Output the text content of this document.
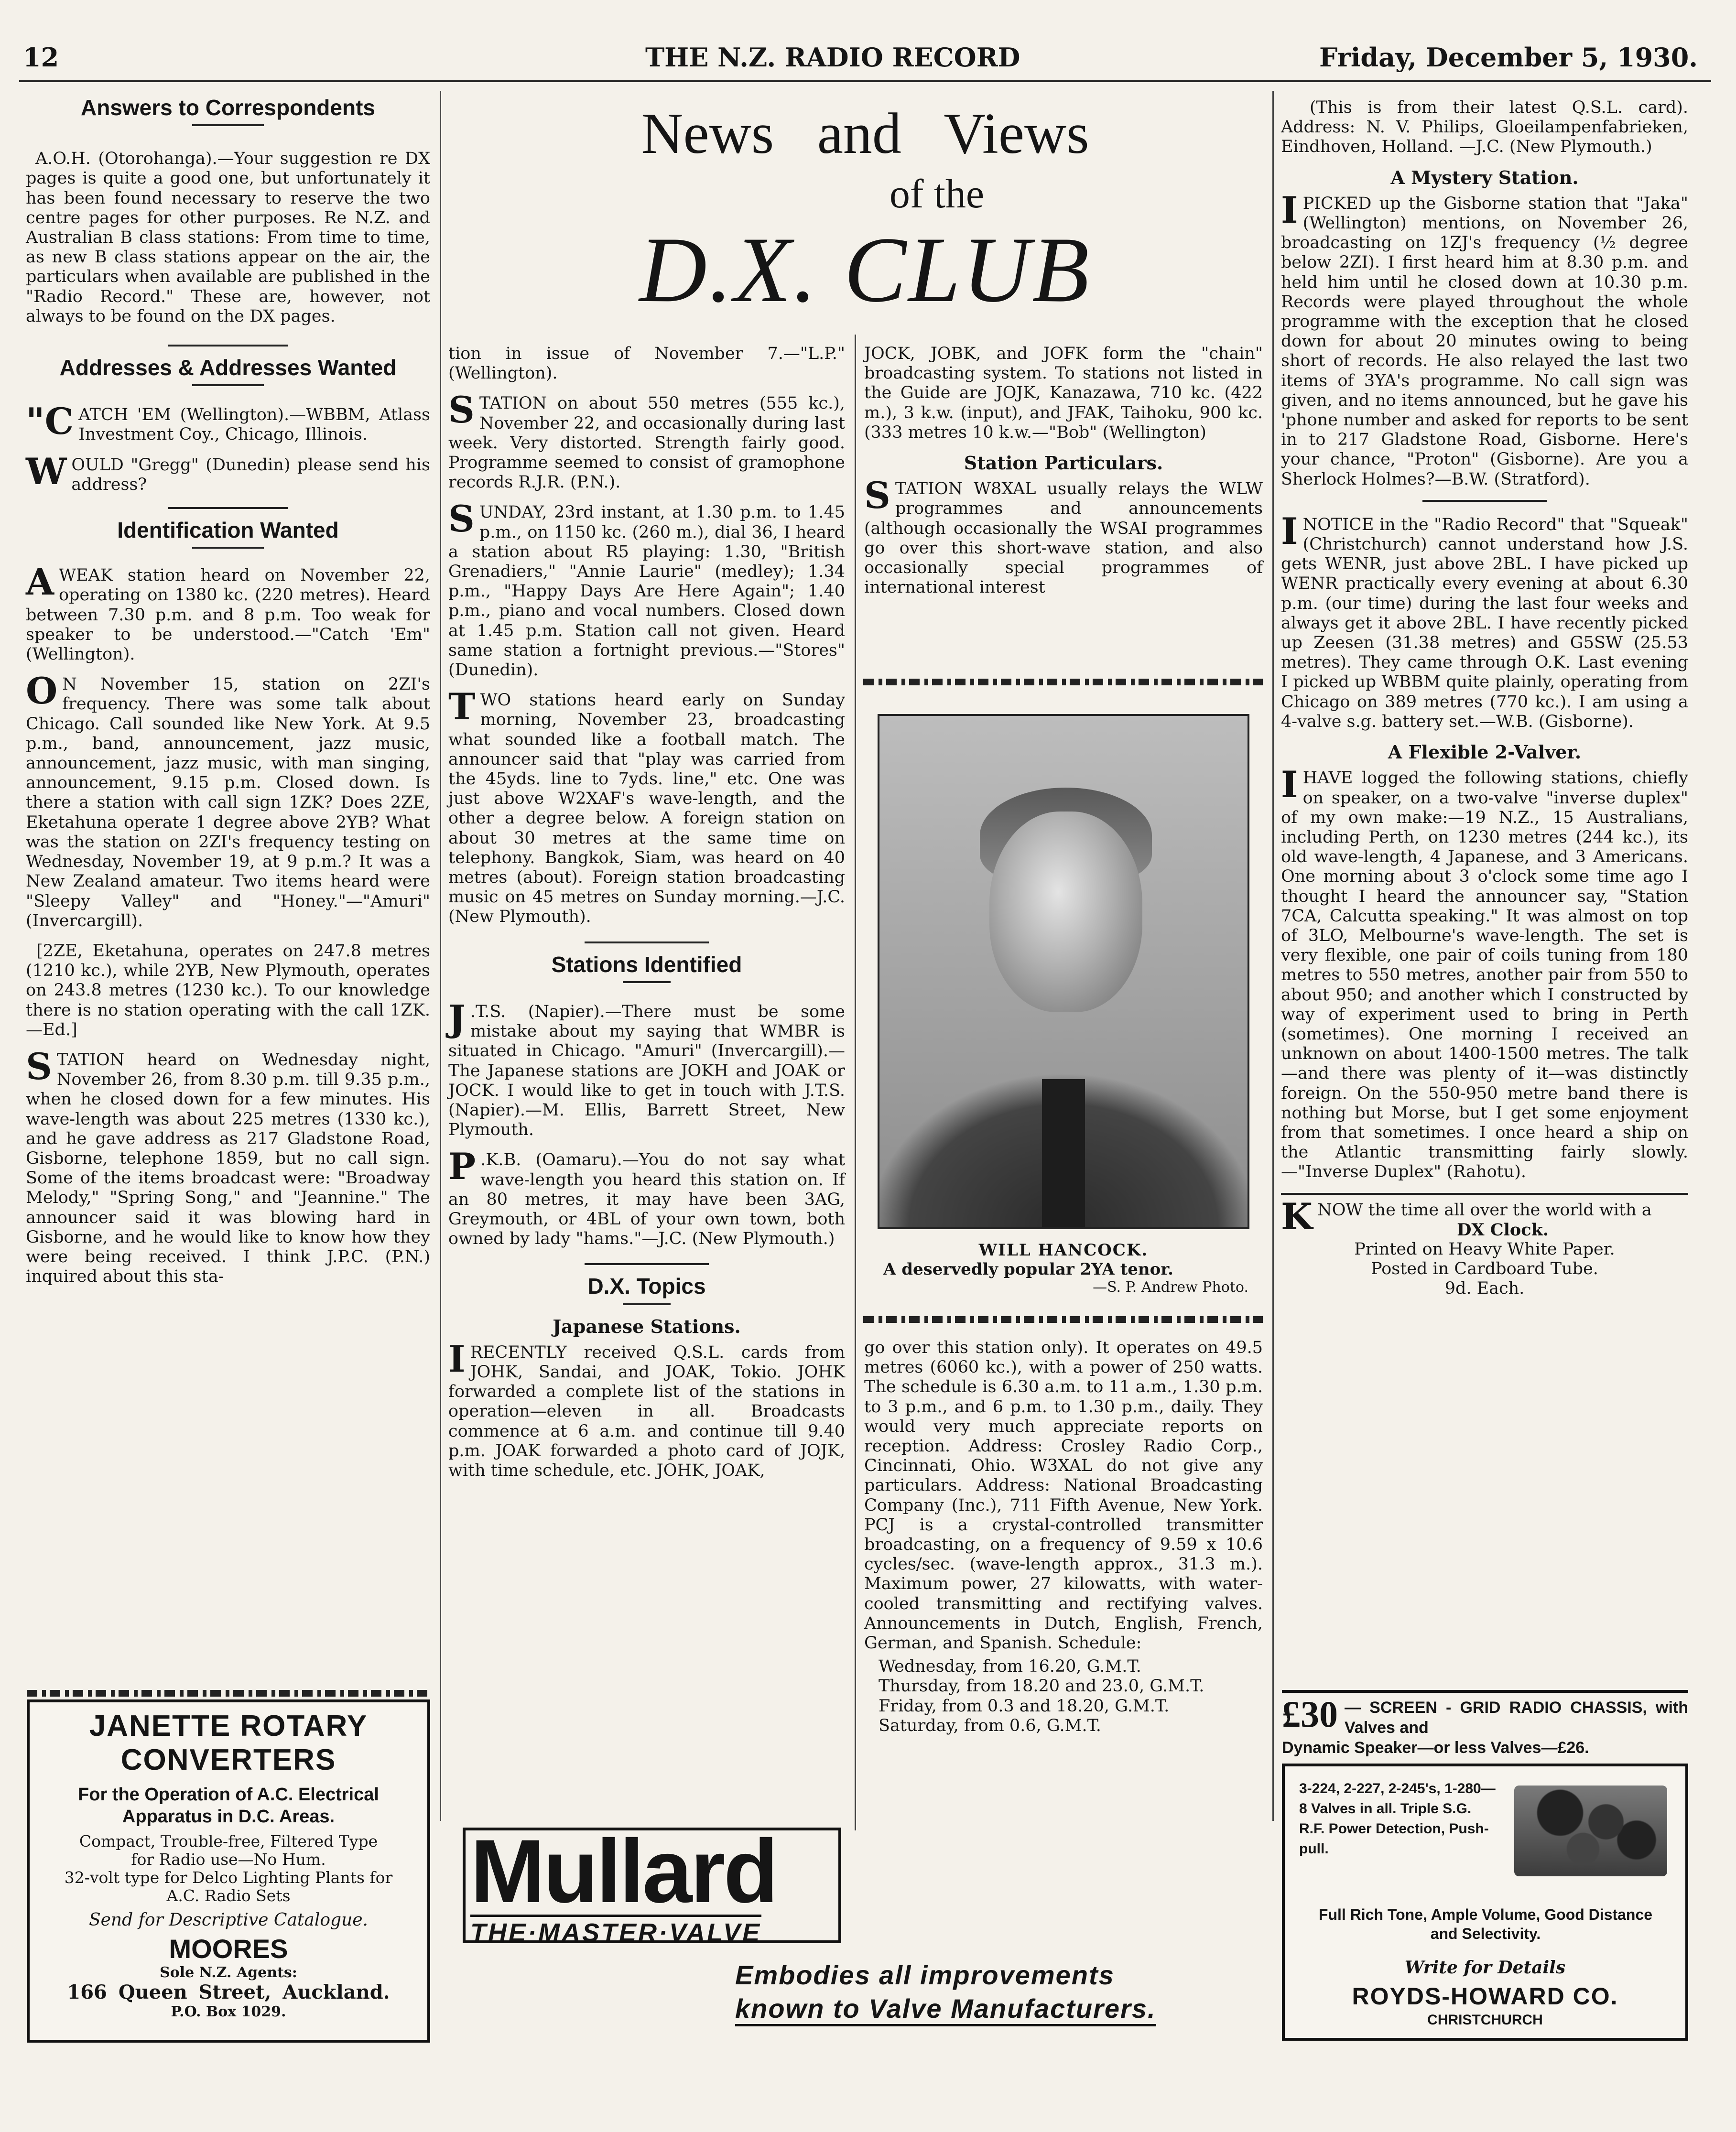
12	THE N.Z. RADIO RECORD	Friday, December 5, 1930.
News and Views
of the
D.X. CLUB
Answers to Correspondents

A.O.H. (Otorohanga).—Your suggestion re DX pages is quite a good one, but unfortunately it has been found necessary to reserve the two centre pages for other purposes. Re N.Z. and Australian B class stations: From time to time, as new B class stations appear on the air, the particulars when available are published in the "Radio Record." These are, however, not always to be found on the DX pages.

Addresses & Addresses Wanted

"CATCH 'EM (Wellington).—WBBM, Atlass Investment Coy., Chicago, Illinois.

WOULD "Gregg" (Dunedin) please send his address?

Identification Wanted

AWEAK station heard on November 22, operating on 1380 kc. (220 metres). Heard between 7.30 p.m. and 8 p.m. Too weak for speaker to be understood.—"Catch 'Em" (Wellington).

O N November 15, station on 2ZI's frequency. There was some talk about Chicago. Call sounded like New York. At 9.5 p.m., band, announcement, jazz music, announcement, jazz music, with man singing, announcement, 9.15 p.m. Closed down. Is there a station with call sign 1ZK? Does 2ZE, Eketahuna operate 1 degree above 2YB? What was the station on 2ZI's frequency testing on Wednesday, November 19, at 9 p.m.? It was a New Zealand amateur. Two items heard were "Sleepy Valley" and "Honey."—"Amuri" (Invercargill).

[2ZE, Eketahuna, operates on 247.8 metres (1210 kc.), while 2YB, New Plymouth, operates on 243.8 metres (1230 kc.). To our knowledge there is no station operating with the call 1ZK.—Ed.]

STATION heard on Wednesday night, November 26, from 8.30 p.m. till 9.35 p.m., when he closed down for a few minutes. His wave-length was about 225 metres (1330 kc.), and he gave address as 217 Gladstone Road, Gisborne, telephone 1859, but no call sign. Some of the items broadcast were: "Broadway Melody," "Spring Song," and "Jeannine." The announcer said it was blowing hard in Gisborne, and he would like to know how they were being received. I think J.P.C. (P.N.) inquired about this sta-

JANETTE ROTARY
CONVERTERS
For the Operation of A.C. Electrical Apparatus in D.C. Areas.
Compact, Trouble-free, Filtered Type for Radio use—No Hum.
32-volt type for Delco Lighting Plants for A.C. Radio Sets
Send for Descriptive Catalogue.
MOORES
Sole N.Z. Agents:
166 Queen Street, Auckland.
P.O. Box 1029.

tion in issue of November 7.—"L.P." (Wellington).

STATION on about 550 metres (555 kc.), November 22, and occasionally during last week. Very distorted. Strength fairly good. Programme seemed to consist of gramophone records R.J.R. (P.N.).

SUNDAY, 23rd instant, at 1.30 p.m. to 1.45 p.m., on 1150 kc. (260 m.), dial 36, I heard a station about R5 playing: 1.30, "British Grenadiers," "Annie Laurie" (medley); 1.34 p.m., "Happy Days Are Here Again"; 1.40 p.m., piano and vocal numbers. Closed down at 1.45 p.m. Station call not given. Heard same station a fortnight previous.—"Stores" (Dunedin).

TWO stations heard early on Sunday morning, November 23, broadcasting what sounded like a football match. The announcer said that "play was carried from the 45yds. line to 7yds. line," etc. One was just above W2XAF's wave-length, and the other a degree below. A foreign station on about 30 metres at the same time on telephony. Bangkok, Siam, was heard on 40 metres (about). Foreign station broadcasting music on 45 metres on Sunday morning.—J.C. (New Plymouth).

Stations Identified

J .T.S. (Napier).—There must be some mistake about my saying that WMBR is situated in Chicago. "Amuri" (Invercargill).—The Japanese stations are JOKH and JOAK or JOCK. I would like to get in touch with J.T.S. (Napier).—M. Ellis, Barrett Street, New Plymouth.

P .K.B. (Oamaru).—You do not say what wave-length you heard this station on. If an 80 metres, it may have been 3AG, Greymouth, or 4BL of your own town, both owned by lady "hams."—J.C. (New Plymouth.)

D.X. Topics
Japanese Stations.

IRECENTLY received Q.S.L. cards from JOHK, Sandai, and JOAK, Tokio. JOHK forwarded a complete list of the stations in operation—eleven in all. Broadcasts commence at 6 a.m. and continue till 9.40 p.m. JOAK forwarded a photo card of JOJK, with time schedule, etc. JOHK, JOAK,

JOCK, JOBK, and JOFK form the "chain" broadcasting system. To stations not listed in the Guide are JOJK, Kanazawa, 710 kc. (422 m.), 3 k.w. (input), and JFAK, Taihoku, 900 kc. (333 metres 10 k.w.—"Bob" (Wellington)

Station Particulars.

STATION W8XAL usually relays the WLW programmes and announcements (although occasionally the WSAI programmes go over this short-wave station, and also occasionally special programmes of international interest

WILL HANCOCK.
A deservedly popular 2YA tenor.
—S. P. Andrew Photo.

go over this station only). It operates on 49.5 metres (6060 kc.), with a power of 250 watts. The schedule is 6.30 a.m. to 11 a.m., 1.30 p.m. to 3 p.m., and 6 p.m. to 1.30 p.m., daily. They would very much appreciate reports on reception. Address: Crosley Radio Corp., Cincinnati, Ohio. W3XAL do not give any particulars. Address: National Broadcasting Company (Inc.), 711 Fifth Avenue, New York. PCJ is a crystal-controlled transmitter broadcasting, on a frequency of 9.59 x 10.6 cycles/sec. (wave-length approx., 31.3 m.). Maximum power, 27 kilowatts, with water-cooled transmitting and rectifying valves. Announcements in Dutch, English, French, German, and Spanish. Schedule:

Wednesday, from 16.20, G.M.T.
Thursday, from 18.20 and 23.0, G.M.T.
Friday, from 0.3 and 18.20, G.M.T.
Saturday, from 0.6, G.M.T.
Mullard
THE·MASTER·VALVE
Embodies all improvements
known to Valve Manufacturers.

(This is from their latest Q.S.L. card). Address: N. V. Philips, Gloeilampenfabrieken, Eindhoven, Holland. —J.C. (New Plymouth.)

A Mystery Station.

IPICKED up the Gisborne station that "Jaka" (Wellington) mentions, on November 26, broadcasting on 1ZJ's frequency (½ degree below 2ZI). I first heard him at 8.30 p.m. and held him until he closed down at 10.30 p.m. Records were played throughout the whole programme with the exception that he closed down for about 20 minutes owing to being short of records. He also relayed the last two items of 3YA's programme. No call sign was given, and no items announced, but he gave his 'phone number and asked for reports to be sent in to 217 Gladstone Road, Gisborne. Here's your chance, "Proton" (Gisborne). Are you a Sherlock Holmes?—B.W. (Stratford).

INOTICE in the "Radio Record" that "Squeak" (Christchurch) cannot understand how J.S. gets WENR, just above 2BL. I have picked up WENR practically every evening at about 6.30 p.m. (our time) during the last four weeks and always get it above 2BL. I have recently picked up Zeesen (31.38 metres) and G5SW (25.53 metres). They came through O.K. Last evening I picked up WBBM quite plainly, operating from Chicago on 389 metres (770 kc.). I am using a 4-valve s.g. battery set.—W.B. (Gisborne).

A Flexible 2-Valver.

IHAVE logged the following stations, chiefly on speaker, on a two-valve "inverse duplex" of my own make:—19 N.Z., 15 Australians, including Perth, on 1230 metres (244 kc.), its old wave-length, 4 Japanese, and 3 Americans. One morning about 3 o'clock some time ago I thought I heard the announcer say, "Station 7CA, Calcutta speaking." It was almost on top of 3LO, Melbourne's wave-length. The set is very flexible, one pair of coils tuning from 180 metres to 550 metres, another pair from 550 to about 950; and another which I constructed by way of experiment used to bring in Perth (sometimes). One morning I received an unknown on about 1400-1500 metres. The talk—and there was plenty of it—was distinctly foreign. On the 550-950 metre band there is nothing but Morse, but I get some enjoyment from that sometimes. I once heard a ship on the Atlantic transmitting fairly slowly. —"Inverse Duplex" (Rahotu).

KNOW the time all over the world with a

DX Clock.
Printed on Heavy White Paper.
Posted in Cardboard Tube.
9d. Each.
£30 — SCREEN - GRID RADIO CHASSIS, with Valves and
Dynamic Speaker—or less Valves—£26.
3-224, 2-227, 2-245's, 1-280—8 Valves in all. Triple S.G. R.F. Power Detection, Push-pull.
Full Rich Tone, Ample Volume, Good Distance and Selectivity.
Write for Details
ROYDS-HOWARD CO.
CHRISTCHURCH
